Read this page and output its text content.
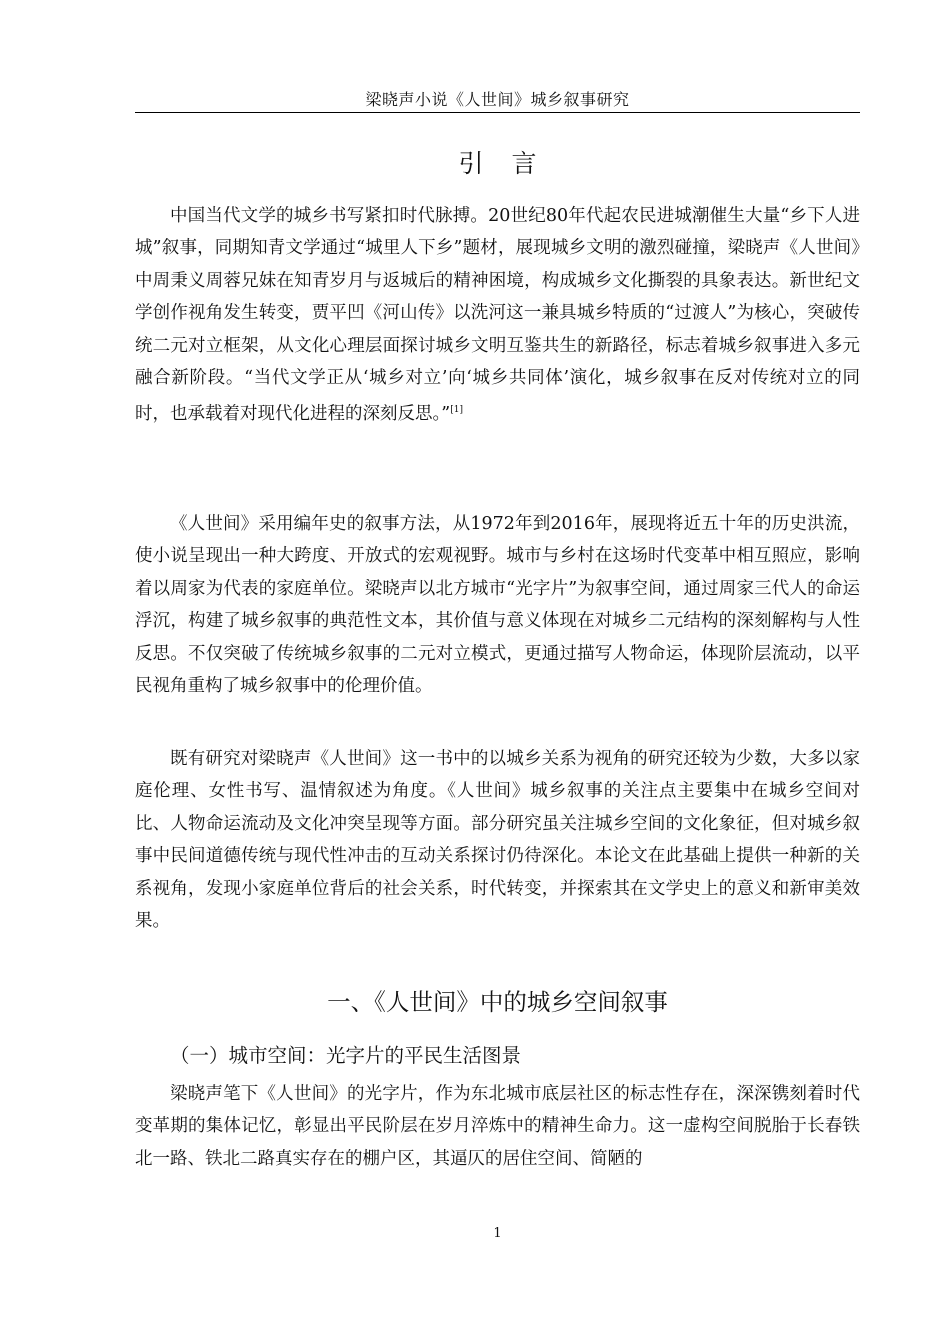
梁晓声小说《人世间》城乡叙事研究
引言

中国当代文学的城乡书写紧扣时代脉搏。20世纪80年代起农民进城潮催生大量“乡下人进城”叙事，同期知青文学通过“城里人下乡”题材，展现城乡文明的激烈碰撞，梁晓声《人世间》中周秉义周蓉兄妹在知青岁月与返城后的精神困境，构成城乡文化撕裂的具象表达。新世纪文学创作视角发生转变，贾平凹《河山传》以洗河这一兼具城乡特质的“过渡人”为核心，突破传统二元对立框架，从文化心理层面探讨城乡文明互鉴共生的新路径，标志着城乡叙事进入多元融合新阶段。“当代文学正从‘城乡对立’向‘城乡共同体’演化，城乡叙事在反对传统对立的同时，也承载着对现代化进程的深刻反思。”[1]

《人世间》采用编年史的叙事方法，从1972年到2016年，展现将近五十年的历史洪流，使小说呈现出一种大跨度、开放式的宏观视野。城市与乡村在这场时代变革中相互照应，影响着以周家为代表的家庭单位。梁晓声以北方城市“光字片”为叙事空间，通过周家三代人的命运浮沉，构建了城乡叙事的典范性文本，其价值与意义体现在对城乡二元结构的深刻解构与人性反思。不仅突破了传统城乡叙事的二元对立模式，更通过描写人物命运，体现阶层流动，以平民视角重构了城乡叙事中的伦理价值。

既有研究对梁晓声《人世间》这一书中的以城乡关系为视角的研究还较为少数，大多以家庭伦理、女性书写、温情叙述为角度。《人世间》城乡叙事的关注点主要集中在城乡空间对比、人物命运流动及文化冲突呈现等方面。部分研究虽关注城乡空间的文化象征，但对城乡叙事中民间道德传统与现代性冲击的互动关系探讨仍待深化。本论文在此基础上提供一种新的关系视角，发现小家庭单位背后的社会关系，时代转变，并探索其在文学史上的意义和新审美效果。

一、《人世间》中的城乡空间叙事
（一）城市空间：光字片的平民生活图景

梁晓声笔下《人世间》的光字片，作为东北城市底层社区的标志性存在，深深镌刻着时代变革期的集体记忆，彰显出平民阶层在岁月淬炼中的精神生命力。这一虚构空间脱胎于长春铁北一路、铁北二路真实存在的棚户区，其逼仄的居住空间、简陋的

1
